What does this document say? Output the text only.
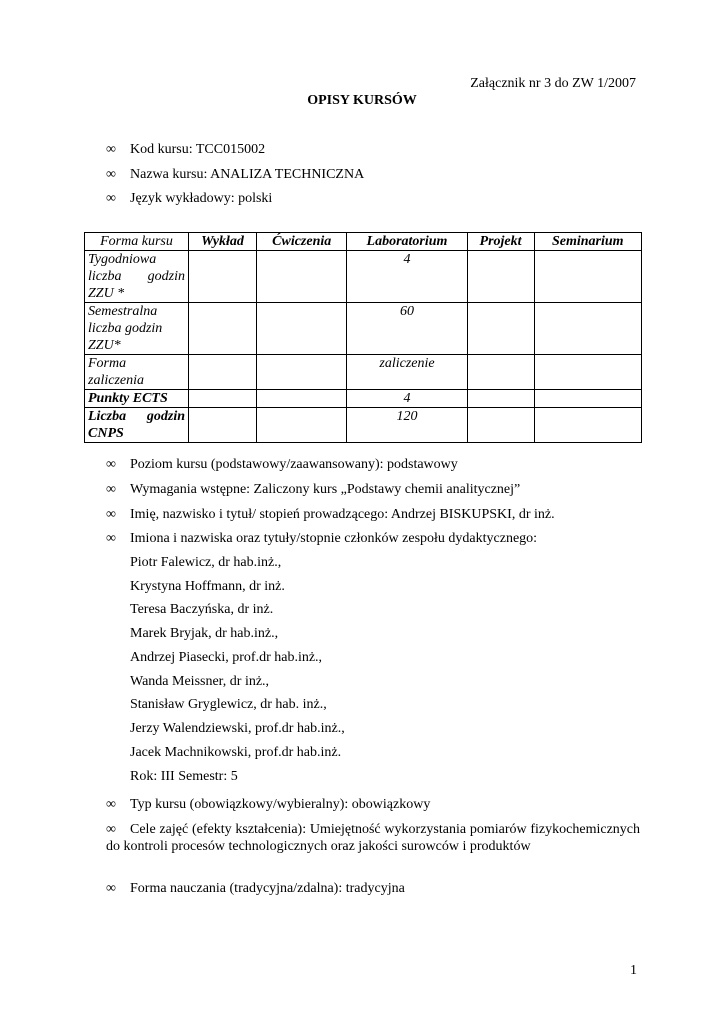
Załącznik nr 3 do ZW 1/2007
OPISY KURSÓW
∞ Kod kursu: TCC015002
∞ Nazwa kursu: ANALIZA TECHNICZNA
∞ Język wykładowy: polski
Forma kursu	Wykład	Ćwiczenia	Laboratorium	Projekt	Seminarium

Tygodniowa
liczba godzin
ZZU *			4		

Semestralna
liczba godzin
ZZU*			60		

Forma
zaliczenia			zaliczenie		

Punkty ECTS			4		

Liczba godzin
CNPS			120		
∞ Poziom kursu (podstawowy/zaawansowany): podstawowy
∞ Wymagania wstępne: Zaliczony kurs „Podstawy chemii analitycznej”
∞ Imię, nazwisko i tytuł/ stopień prowadzącego: Andrzej BISKUPSKI, dr inż.
∞ Imiona i nazwiska oraz tytuły/stopnie członków zespołu dydaktycznego:
Piotr Falewicz, dr hab.inż.,
Krystyna Hoffmann, dr inż.
Teresa Baczyńska, dr inż.
Marek Bryjak, dr hab.inż.,
Andrzej Piasecki, prof.dr hab.inż.,
Wanda Meissner, dr inż.,
Stanisław Gryglewicz, dr hab. inż.,
Jerzy Walendziewski, prof.dr hab.inż.,
Jacek Machnikowski, prof.dr hab.inż.
Rok: III Semestr: 5
∞ Typ kursu (obowiązkowy/wybieralny): obowiązkowy
∞	Cele zajęć (efekty kształcenia): Umiejętność wykorzystania pomiarów fizykochemicznych do kontroli procesów technologicznych oraz jakości surowców i produktów

∞ Forma nauczania (tradycyjna/zdalna): tradycyjna
1
